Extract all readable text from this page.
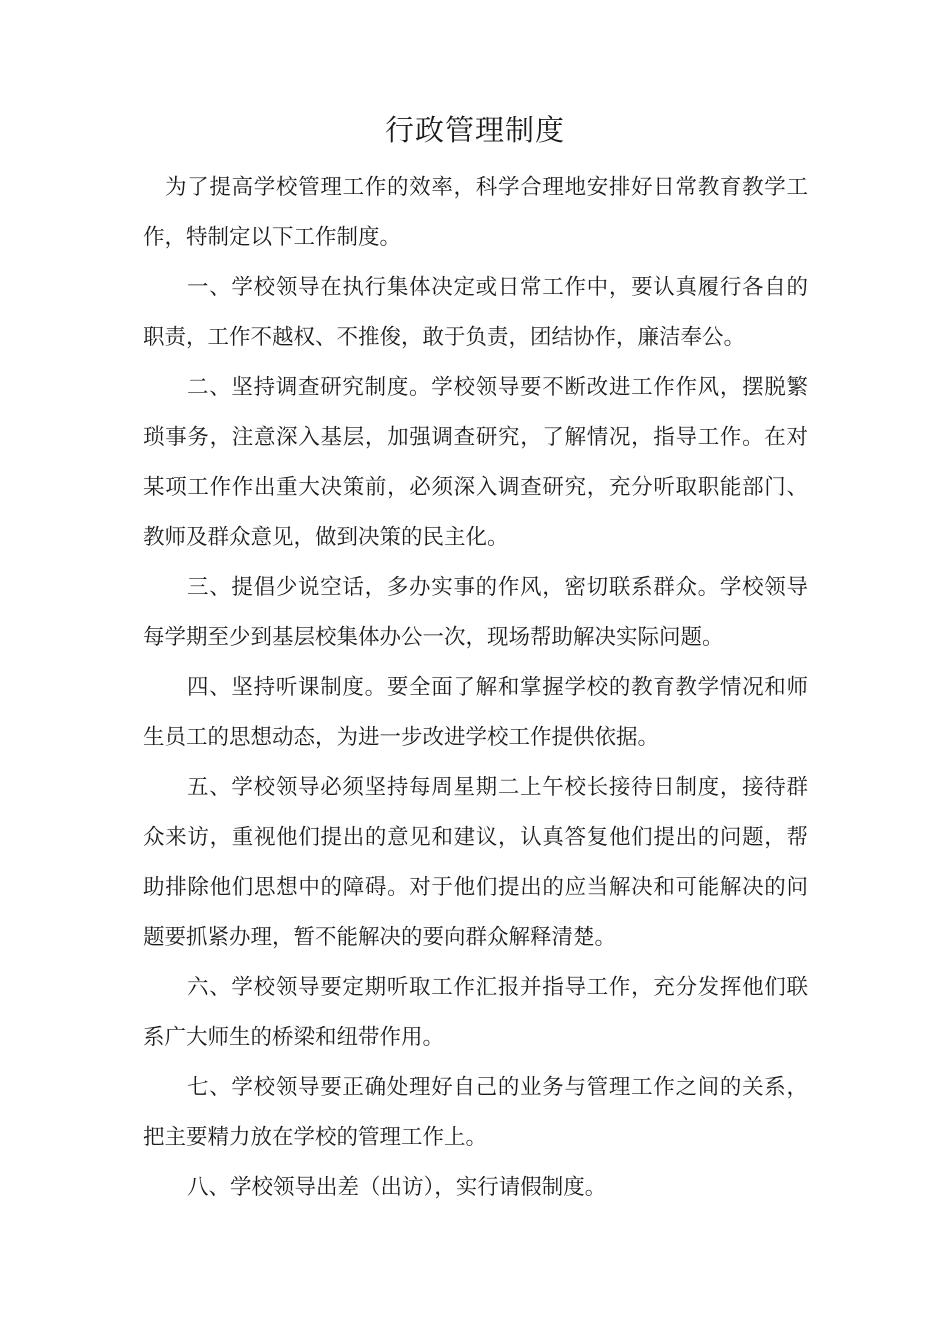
行政管理制度

为了提高学校管理工作的效率，科学合理地安排好日常教育教学工作，特制定以下工作制度。

一、学校领导在执行集体决定或日常工作中，要认真履行各自的职责，工作不越权、不推俊，敢于负责，团结协作，廉洁奉公。

二、坚持调查研究制度。学校领导要不断改进工作作风，摆脱繁琐事务，注意深入基层，加强调查研究，了解情况，指导工作。在对某项工作作出重大决策前，必须深入调查研究，充分听取职能部门、教师及群众意见，做到决策的民主化。

三、提倡少说空话，多办实事的作风，密切联系群众。学校领导每学期至少到基层校集体办公一次，现场帮助解决实际问题。

四、坚持听课制度。要全面了解和掌握学校的教育教学情况和师生员工的思想动态，为进一步改进学校工作提供依据。

五、学校领导必须坚持每周星期二上午校长接待日制度，接待群众来访，重视他们提出的意见和建议，认真答复他们提出的问题，帮助排除他们思想中的障碍。对于他们提出的应当解决和可能解决的问题要抓紧办理，暂不能解决的要向群众解释清楚。

六、学校领导要定期听取工作汇报并指导工作，充分发挥他们联系广大师生的桥梁和纽带作用。

七、学校领导要正确处理好自己的业务与管理工作之间的关系，把主要精力放在学校的管理工作上。

八、学校领导出差（出访），实行请假制度。
